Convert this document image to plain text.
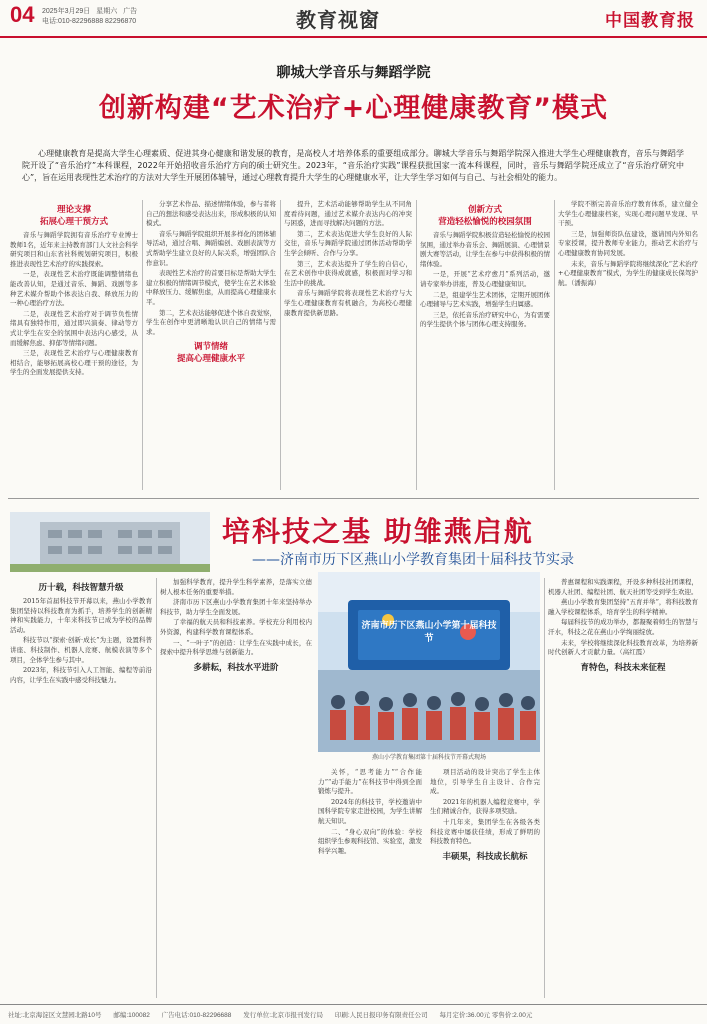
04 2025年3月29日 星期六 广告
电话:010-82296888 82296870	教育视窗	中国教育报
聊城大学音乐与舞蹈学院
创新构建“艺术治疗+心理健康教育”模式
心理健康教育是提高大学生心理素质、促进其身心健康和谐发展的教育，是高校人才培养体系的重要组成部分。聊城大学音乐与舞蹈学院深入推进大学生心理健康教育，音乐与舞蹈学院开设了“音乐治疗”本科课程，2022年开始招收音乐治疗方向的硕士研究生。2023年，“音乐治疗实践”课程获批国家一流本科课程，同时，音乐与舞蹈学院还成立了“音乐治疗研究中心”，旨在运用表现性艺术治疗的方法对大学生开展团体辅导，通过心理教育提升大学生的心理健康水平，让大学生学习如何与自己、与社会相处的能力。
理论支撑
拓展心理干预方式

音乐与舞蹈学院拥有音乐治疗专业博士教师1名，近年来主持教育部门人文社会科学研究项目和山东省社科规划研究项目，积极推进表现性艺术治疗的实践探索。

一是，表现性艺术治疗既能调整情绪也能改善认知，是通过音乐、舞蹈、戏剧等多种艺术媒介帮助个体表达自我、释放压力的一种心理治疗方法。

二是，表现性艺术治疗对于调节负性情绪具有独特作用，通过即兴演奏、律动等方式让学生在安全的氛围中表达内心感受，从而缓解焦虑、抑郁等情绪问题。

三是，表现性艺术治疗与心理健康教育相结合，能够拓展高校心理干预的途径，为学生的全面发展提供支持。

分享艺术作品、描述情绪体验，参与者将自己的想法和感受表达出来，形成积极的认知模式。

音乐与舞蹈学院组织开展多样化的团体辅导活动，通过合唱、舞蹈编创、戏剧表演等方式帮助学生建立良好的人际关系，增强团队合作意识。

表现性艺术治疗的首要目标是帮助大学生建立积极的情绪调节模式，使学生在艺术体验中释放压力、缓解焦虑，从而提高心理健康水平。

第二，艺术表达能够促进个体自我觉察，学生在创作中更清晰地认识自己的情绪与需求。

调节情绪
提高心理健康水平

提升，艺术活动能够帮助学生从不同角度看待问题，通过艺术媒介表达内心的冲突与困惑，进而寻找解决问题的方法。

第二，艺术表达促进大学生良好的人际交往，音乐与舞蹈学院通过团体活动帮助学生学会倾听、合作与分享。

第三，艺术表达提升了学生的自信心，在艺术创作中获得成就感，积极面对学习和生活中的挑战。

音乐与舞蹈学院将表现性艺术治疗与大学生心理健康教育有机融合，为高校心理健康教育提供新思路。

创新方式
营造轻松愉悦的校园氛围

音乐与舞蹈学院积极营造轻松愉悦的校园氛围，通过举办音乐会、舞蹈展演、心理情景剧大赛等活动，让学生在参与中获得积极的情绪体验。

一是，开展“艺术疗愈月”系列活动，邀请专家举办讲座，普及心理健康知识。

二是，组建学生艺术团体，定期开展团体心理辅导与艺术实践，增强学生归属感。

三是，依托音乐治疗研究中心，为有需要的学生提供个体与团体心理支持服务。

学院不断完善音乐治疗教育体系，建立健全大学生心理健康档案，实现心理问题早发现、早干预。

三是，加强师资队伍建设，邀请国内外知名专家授课，提升教师专业能力，推动艺术治疗与心理健康教育协同发展。

未来，音乐与舞蹈学院将继续深化“艺术治疗+心理健康教育”模式，为学生的健康成长保驾护航。（潘振海）

培科技之基 助雏燕启航
——济南市历下区燕山小学教育集团十届科技节实录
济南市历下区燕山小学第十届科技节
燕山小学教育集团第十届科技节开幕式现场
历十载，科技智慧升级

2015年首届科技节开幕以来，燕山小学教育集团坚持以科技教育为抓手，培养学生的创新精神和实践能力，十年来科技节已成为学校的品牌活动。

科技节以“探索·创新·成长”为主题，设置科普讲座、科技制作、机器人竞赛、航模表演等多个项目，全体学生参与其中。

2023年，科技节引入人工智能、编程等前沿内容，让学生在实践中感受科技魅力。

加强科学教育，提升学生科学素养，是落实立德树人根本任务的重要举措。

济南市历下区燕山小学教育集团十年来坚持举办科技节，助力学生全面发展。

了幸福的航天员和科技素养。学校充分利用校内外资源，构建科学教育课程体系。

一、“一叶子”的创造：让学生在实践中成长，在探索中提升科学思维与创新能力。

多耕耘，科技水平进阶

关怀，“思考能力”“合作能力”“动手能力”在科技节中得到全面锻炼与提升。

2024年的科技节，学校邀请中国科学院专家走进校园，为学生讲解航天知识。

二、“身心双向”的体验：学校组织学生参观科技馆、实验室，激发科学兴趣。

项目活动的设计突出了学生主体地位，引导学生自主设计、合作完成。

2021年的机器人编程竞赛中，学生们精诚合作，获得多项奖励。

十几年来，集团学生在各级各类科技竞赛中屡获佳绩，形成了鲜明的科技教育特色。

丰硕果，科技成长航标

普惠课程和实践课程，开设多种科技社团课程，机器人社团、编程社团、航天社团等受到学生欢迎。

燕山小学教育集团坚持“五育并举”，将科技教育融入学校课程体系，培育学生的科学精神。

每届科技节的成功举办，都凝聚着师生的智慧与汗水，科技之花在燕山小学绚丽绽放。

未来，学校将继续深化科技教育改革，为培养新时代创新人才贡献力量。（高红霞）

育特色，科技未来征程
社址:北京海淀区文慧园北路10号 邮编:100082 广告电话:010-82296688 发行单位:北京市报刊发行局 印刷:人民日报印务有限责任公司 每月定价:36.00元 零售价:2.00元
